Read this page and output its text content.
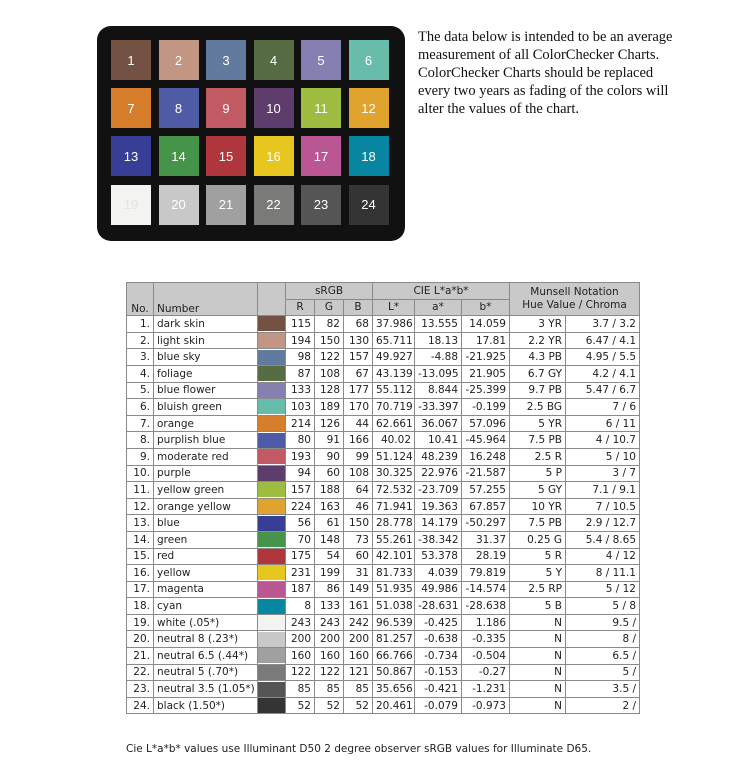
1	2	3	4	5	6
7	8	9	10	11	12
13	14	15	16	17	18
19	20	21	22	23	24

The data below is intended to be an average measurement of all ColorChecker Charts. ColorChecker Charts should be replaced every two years as fading of the colors will alter the values of the chart.

No.	Number		sRGB			CIE L*a*b*			Munsell Notation
Hue Value / Chroma	
			R	G	B	L*	a*	b*		
1.	dark skin		115	82	68	37.986	13.555	14.059	3 YR	3.7 / 3.2
2.	light skin		194	150	130	65.711	18.13	17.81	2.2 YR	6.47 / 4.1
3.	blue sky		98	122	157	49.927	-4.88	-21.925	4.3 PB	4.95 / 5.5
4.	foliage		87	108	67	43.139	-13.095	21.905	6.7 GY	4.2 / 4.1
5.	blue flower		133	128	177	55.112	8.844	-25.399	9.7 PB	5.47 / 6.7
6.	bluish green		103	189	170	70.719	-33.397	-0.199	2.5 BG	7 / 6
7.	orange		214	126	44	62.661	36.067	57.096	5 YR	6 / 11
8.	purplish blue		80	91	166	40.02	10.41	-45.964	7.5 PB	4 / 10.7
9.	moderate red		193	90	99	51.124	48.239	16.248	2.5 R	5 / 10
10.	purple		94	60	108	30.325	22.976	-21.587	5 P	3 / 7
11.	yellow green		157	188	64	72.532	-23.709	57.255	5 GY	7.1 / 9.1
12.	orange yellow		224	163	46	71.941	19.363	67.857	10 YR	7 / 10.5
13.	blue		56	61	150	28.778	14.179	-50.297	7.5 PB	2.9 / 12.7
14.	green		70	148	73	55.261	-38.342	31.37	0.25 G	5.4 / 8.65
15.	red		175	54	60	42.101	53.378	28.19	5 R	4 / 12
16.	yellow		231	199	31	81.733	4.039	79.819	5 Y	8 / 11.1
17.	magenta		187	86	149	51.935	49.986	-14.574	2.5 RP	5 / 12
18.	cyan		8	133	161	51.038	-28.631	-28.638	5 B	5 / 8
19.	white (.05*)		243	243	242	96.539	-0.425	1.186	N	9.5 /
20.	neutral 8 (.23*)		200	200	200	81.257	-0.638	-0.335	N	8 /
21.	neutral 6.5 (.44*)		160	160	160	66.766	-0.734	-0.504	N	6.5 /
22.	neutral 5 (.70*)		122	122	121	50.867	-0.153	-0.27	N	5 /
23.	neutral 3.5 (1.05*)		85	85	85	35.656	-0.421	-1.231	N	3.5 /
24.	black (1.50*)		52	52	52	20.461	-0.079	-0.973	N	2 /

Cie L*a*b* values use Illuminant D50 2 degree observer sRGB values for Illuminate D65.
